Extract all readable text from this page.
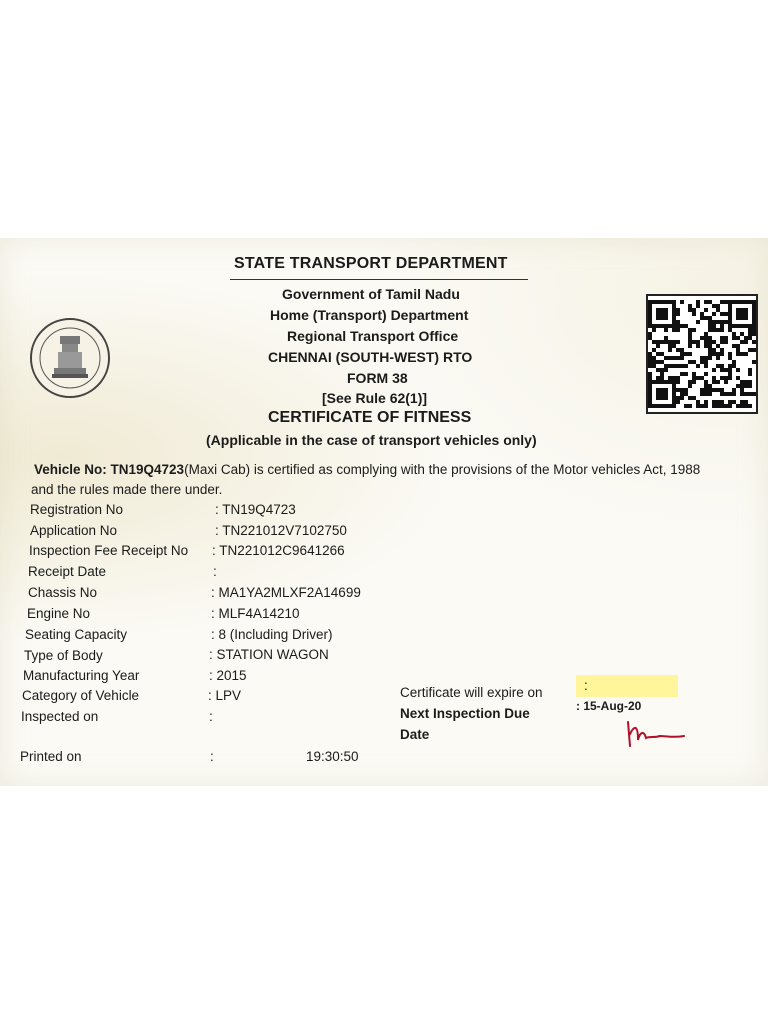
STATE TRANSPORT DEPARTMENT
Government of Tamil Nadu
Home (Transport) Department
Regional Transport Office
CHENNAI (SOUTH-WEST) RTO
FORM 38
[See Rule 62(1)]
CERTIFICATE OF FITNESS
(Applicable in the case of transport vehicles only)
Vehicle No: TN19Q4723(Maxi Cab) is certified as complying with the provisions of the Motor vehicles Act, 1988
and the rules made there under.
Registration No	: TN19Q4723
Application No	: TN221012V7102750
Inspection Fee Receipt No : TN221012C9641266
Receipt Date	:
Chassis No	: MA1YA2MLXF2A14699
Engine No	: MLF4A14210
Seating Capacity	: 8 (Including Driver)
Type of Body	: STATION WAGON
Manufacturing Year	: 2015
Category of Vehicle	: LPV
Inspected on	:
Certificate will expire on	:
Next Inspection Due
Date
: 15-Aug-20
Printed on	:	19:30:50
